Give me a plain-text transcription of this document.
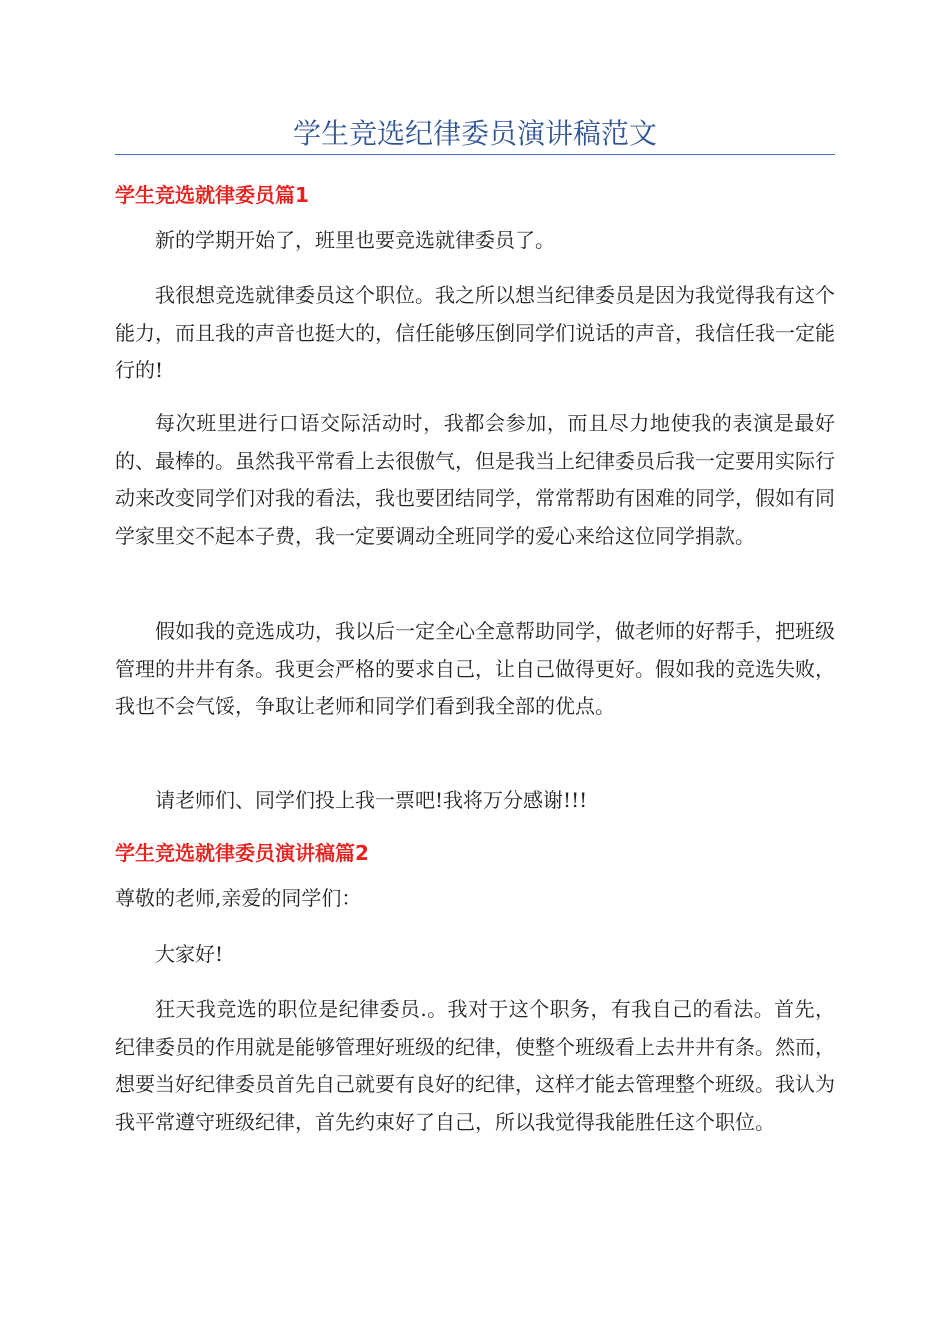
学生竞选纪律委员演讲稿范文
学生竞选就律委员篇1

新的学期开始了，班里也要竞选就律委员了。

我很想竞选就律委员这个职位。我之所以想当纪律委员是因为我觉得我有这个能力，而且我的声音也挺大的，信任能够压倒同学们说话的声音，我信任我一定能行的!

每次班里进行口语交际活动时，我都会参加，而且尽力地使我的表演是最好的、最棒的。虽然我平常看上去很傲气，但是我当上纪律委员后我一定要用实际行动来改变同学们对我的看法，我也要团结同学，常常帮助有困难的同学，假如有同学家里交不起本子费，我一定要调动全班同学的爱心来给这位同学捐款。

假如我的竞选成功，我以后一定全心全意帮助同学，做老师的好帮手，把班级管理的井井有条。我更会严格的要求自己，让自己做得更好。假如我的竞选失败，我也不会气馁，争取让老师和同学们看到我全部的优点。

请老师们、同学们投上我一票吧!我将万分感谢!!!

学生竞选就律委员演讲稿篇2

尊敬的老师,亲爱的同学们：

大家好!

狂天我竞选的职位是纪律委员.。我对于这个职务，有我自己的看法。首先，纪律委员的作用就是能够管理好班级的纪律，使整个班级看上去井井有条。然而，想要当好纪律委员首先自己就要有良好的纪律，这样才能去管理整个班级。我认为我平常遵守班级纪律，首先约束好了自己，所以我觉得我能胜任这个职位。
